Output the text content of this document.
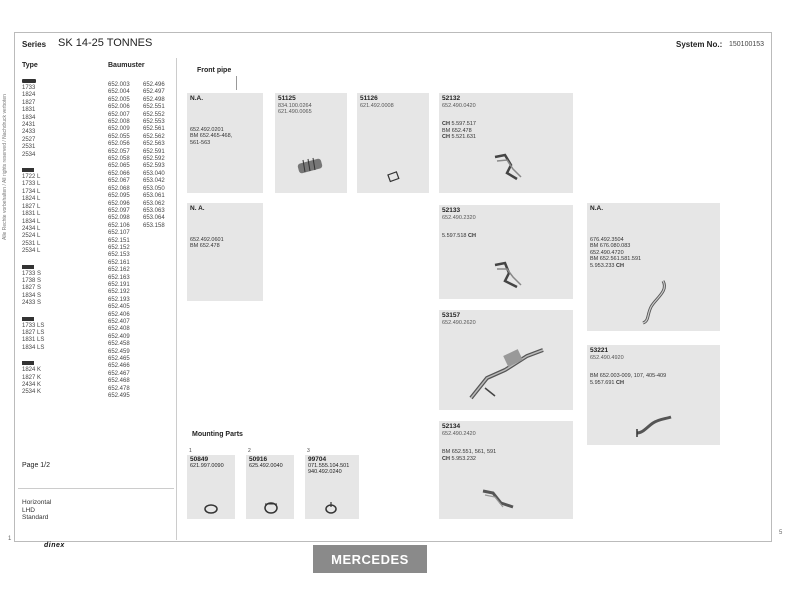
Alle Rechte vorbehalten / All rights reserved / Nachdruck verboten
Series SK 14-25 TONNES	System No.: 150100153
Type	Baumuster
1733
1824
1827
1831
1834
2431
2433
2527
2531
2534
1722 L
1733 L
1734 L
1824 L
1827 L
1831 L
1834 L
2434 L
2524 L
2531 L
2534 L
1733 S
1738 S
1827 S
1834 S
2433 S
1733 LS
1827 LS
1831 LS
1834 LS
1824 K
1827 K
2434 K
2534 K
652.003
652.004
652.005
652.006
652.007
652.008
652.009
652.055
652.056
652.057
652.058
652.065
652.066
652.067
652.068
652.095
652.096
652.097
652.098
652.106
652.107
652.151
652.152
652.153
652.161
652.162
652.163
652.191
652.192
652.193
652.405
652.406
652.407
652.408
652.409
652.458
652.459
652.465
652.466
652.467
652.468
652.478
652.495
652.496
652.497
652.498
652.551
652.552
652.553
652.561
652.562
652.563
652.591
652.592
652.593
653.040
653.042
653.050
653.061
653.062
653.063
653.064
653.158
Page 1/2
Horizontal
LHD
Standard
Front pipe
N.A.
652.492.0201
BM 652.465-468,
561-563
51125
834.100.0264
621.490.0065
51126
621.492.0008
52132
652.490.0420
CH 5.597.517
BM 652.478
CH 5.521.631
N. A.
652.492.0601
BM 652.478
52133
652.490.2320
5.597.518 CH
N.A.
676.492.3504
BM 676.080.083
652.490.4720
BM 652.561.581.591
5.953.233 CH
53157
652.490.2620
53221
652.490.4920
BM 652.003-009, 107, 405-409
5.957.691 CH
52134
652.490.2420
BM 652.551, 561, 591
CH 5.953.232
Mounting Parts
1
50849
621.997.0090
2
50916
625.492.0040
3
99704
071.555.104.501
940.492.0240
dinex
MERCEDES
1
5
